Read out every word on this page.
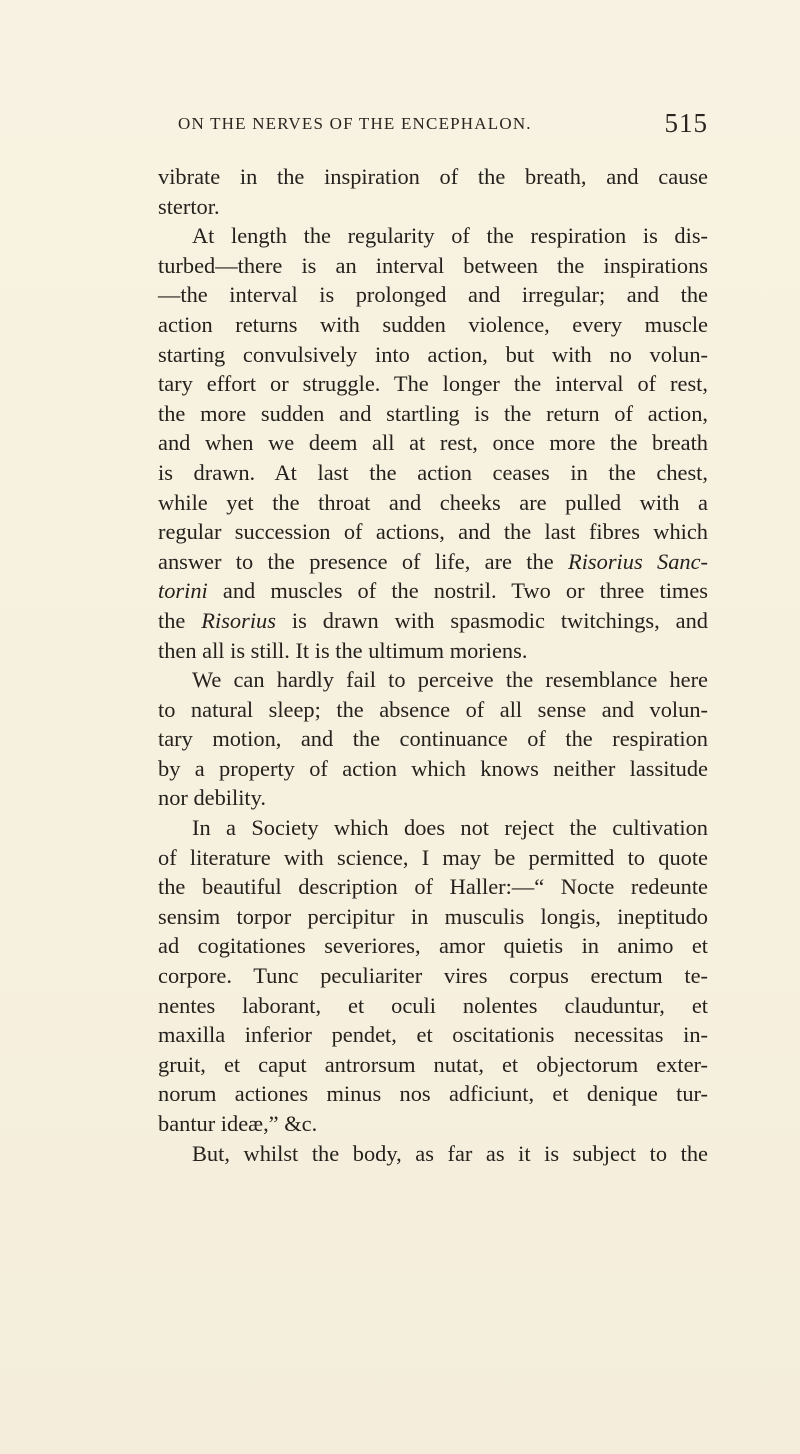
ON THE NERVES OF THE ENCEPHALON.	515
vibrate in the inspiration of the breath, and cause
stertor.
At length the regularity of the respiration is dis-
turbed—there is an interval between the inspirations
—the interval is prolonged and irregular; and the
action returns with sudden violence, every muscle
starting convulsively into action, but with no volun-
tary effort or struggle. The longer the interval of rest,
the more sudden and startling is the return of action,
and when we deem all at rest, once more the breath
is drawn. At last the action ceases in the chest,
while yet the throat and cheeks are pulled with a
regular succession of actions, and the last fibres which
answer to the presence of life, are the Risorius Sanc-
torini and muscles of the nostril. Two or three times
the Risorius is drawn with spasmodic twitchings, and
then all is still. It is the ultimum moriens.
We can hardly fail to perceive the resemblance here
to natural sleep; the absence of all sense and volun-
tary motion, and the continuance of the respiration
by a property of action which knows neither lassitude
nor debility.
In a Society which does not reject the cultivation
of literature with science, I may be permitted to quote
the beautiful description of Haller:—“ Nocte redeunte
sensim torpor percipitur in musculis longis, ineptitudo
ad cogitationes severiores, amor quietis in animo et
corpore. Tunc peculiariter vires corpus erectum te-
nentes laborant, et oculi nolentes clauduntur, et
maxilla inferior pendet, et oscitationis necessitas in-
gruit, et caput antrorsum nutat, et objectorum exter-
norum actiones minus nos adficiunt, et denique tur-
bantur ideæ,” &c.
But, whilst the body, as far as it is subject to the
